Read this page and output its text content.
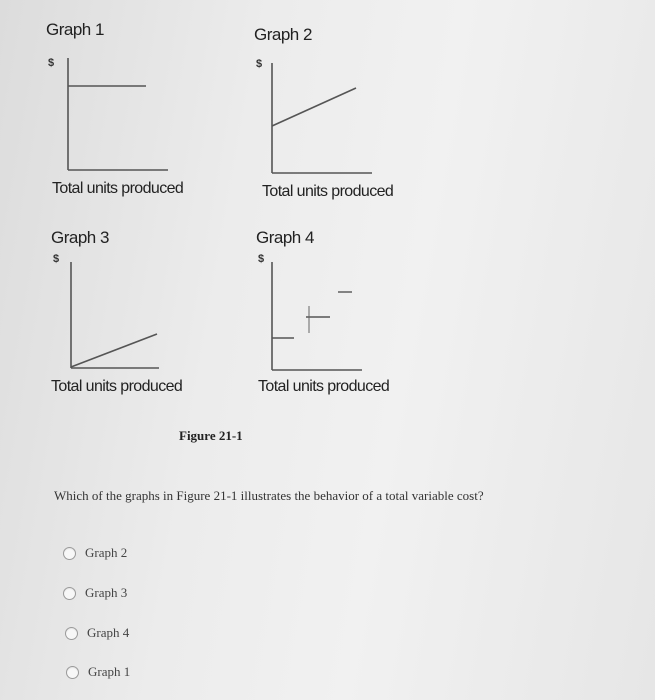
Graph 1
$
Total units produced
Graph 2
$
Total units produced
Graph 3
$
Total units produced
Graph 4
$
Total units produced
Figure 21-1
Which of the graphs in Figure 21-1 illustrates the behavior of a total variable cost?
Graph 2
Graph 3
Graph 4
Graph 1
